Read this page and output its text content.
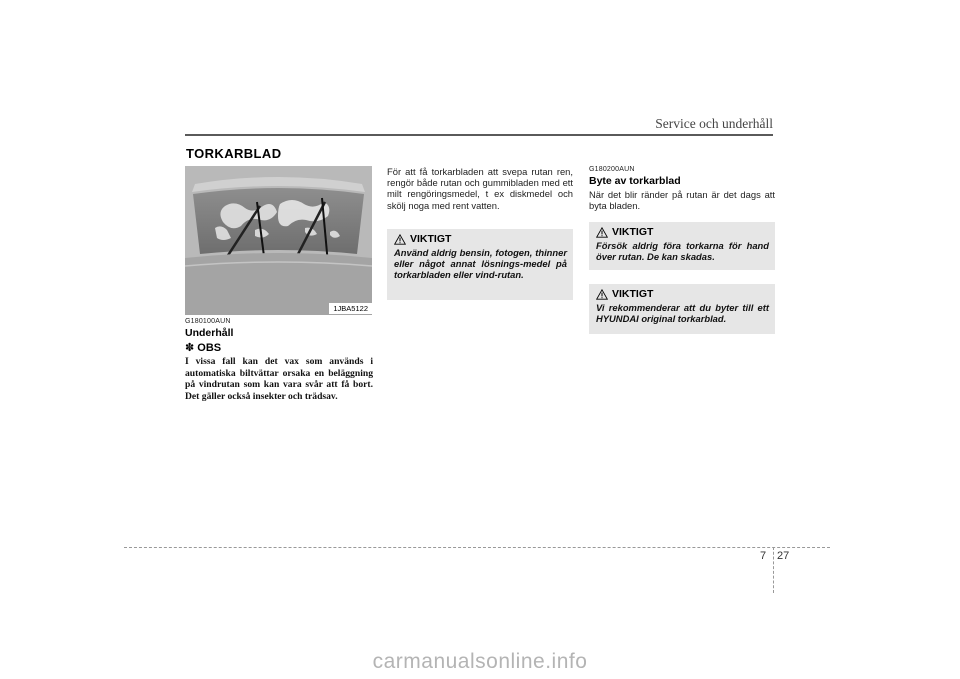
Service och underhåll
TORKARBLAD
1JBA5122
G180100AUN
Underhåll
✽ OBS
I vissa fall kan det vax som används i automatiska biltvättar orsaka en beläggning på vindrutan som kan vara svår att få bort. Det gäller också insekter och trädsav.
För att få torkarbladen att svepa rutan ren, rengör både rutan och gummibladen med ett milt rengöringsmedel, t ex diskmedel och skölj noga med rent vatten.
VIKTIGT
Använd aldrig bensin, fotogen, thinner eller något annat lösnings-medel på torkarbladen eller vind-rutan.
G180200AUN
Byte av torkarblad
När det blir ränder på rutan är det dags att byta bladen.
VIKTIGT
Försök aldrig föra torkarna för hand över rutan. De kan skadas.
VIKTIGT
Vi rekommenderar att du byter till ett HYUNDAI original torkarblad.
7 27
carmanualsonline.info
